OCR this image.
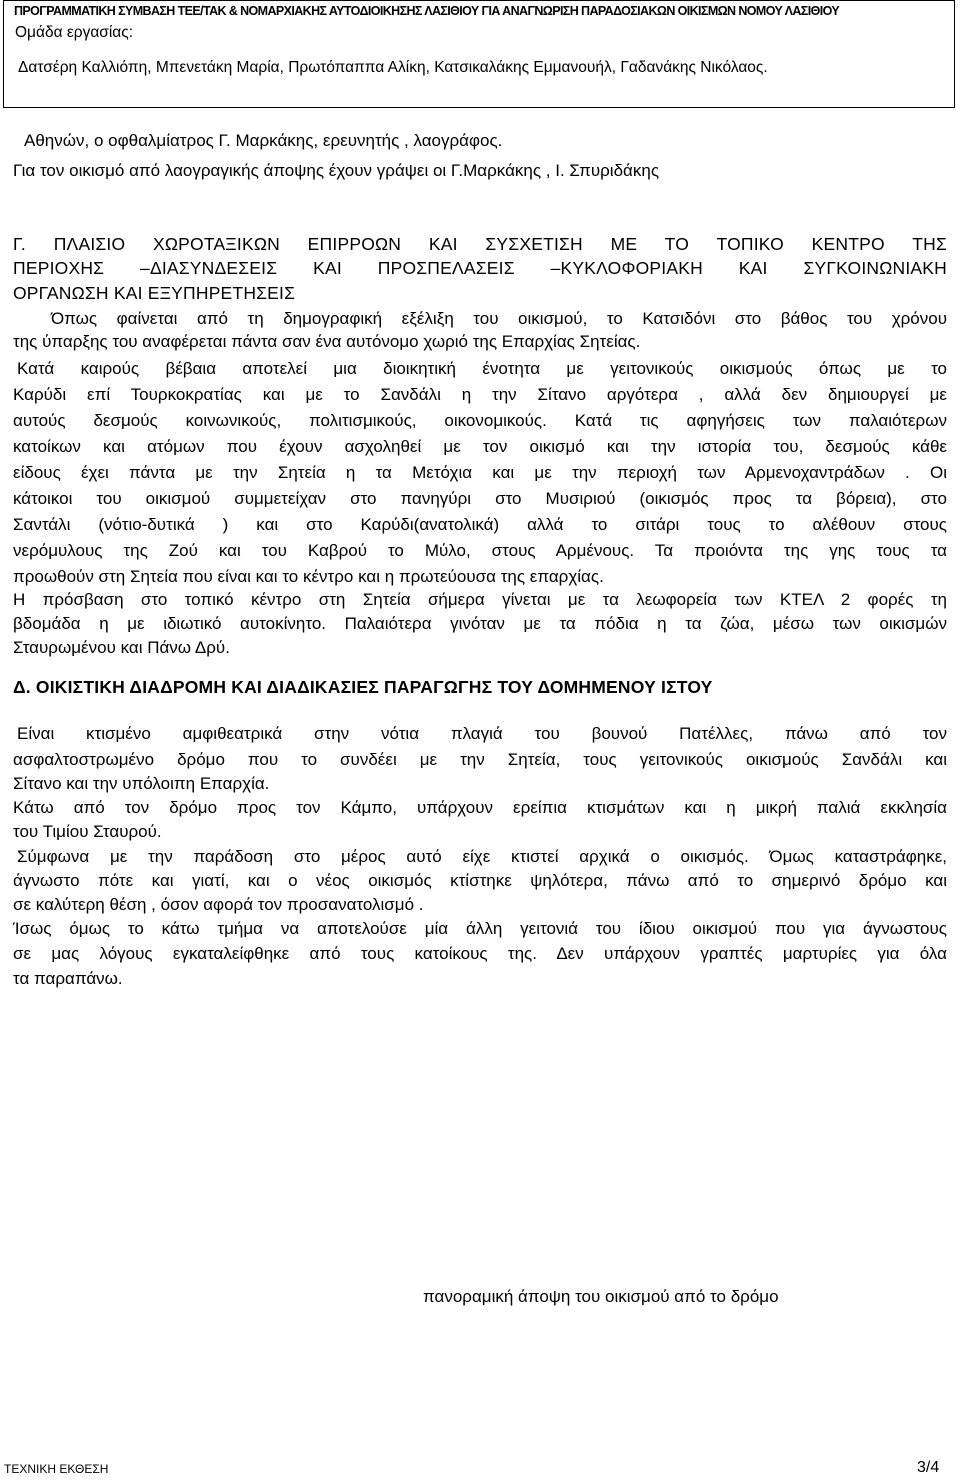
ΠΡΟΓΡΑΜΜΑΤΙΚΗ ΣΥΜΒΑΣΗ ΤΕΕ/ΤΑΚ & ΝΟΜΑΡΧΙΑΚΗΣ ΑΥΤΟΔΙΟΙΚΗΣΗΣ ΛΑΣΙΘΙΟΥ ΓΙΑ ΑΝΑΓΝΩΡΙΣΗ ΠΑΡΑΔΟΣΙΑΚΩΝ ΟΙΚΙΣΜΩΝ ΝΟΜΟΥ ΛΑΣΙΘΙΟΥ
Ομάδα εργασίας:
Δατσέρη Καλλιόπη, Μπενετάκη Μαρία, Πρωτόπαππα Αλίκη, Κατσικαλάκης Εμμανουήλ, Γαδανάκης Νικόλαος.
Αθηνών, ο οφθαλμίατρος Γ. Μαρκάκης, ερευνητής , λαογράφος.
Για τον οικισμό από λαογραγικής άποψης έχουν γράψει οι Γ.Μαρκάκης , Ι. Σπυριδάκης
Γ. ΠΛΑΙΣΙΟ ΧΩΡΟΤΑΞΙΚΩΝ ΕΠΙΡΡΟΩΝ ΚΑΙ ΣΥΣΧΕΤΙΣΗ ΜΕ ΤΟ ΤΟΠΙΚΟ ΚΕΝΤΡΟ ΤΗΣ
ΠΕΡΙΟΧΗΣ –ΔΙΑΣΥΝΔΕΣΕΙΣ ΚΑΙ ΠΡΟΣΠΕΛΑΣΕΙΣ –ΚΥΚΛΟΦΟΡΙΑΚΗ ΚΑΙ ΣΥΓΚΟΙΝΩΝΙΑΚΗ
ΟΡΓΑΝΩΣΗ ΚΑΙ ΕΞΥΠΗΡΕΤΗΣΕΙΣ
Όπως φαίνεται από τη δημογραφική εξέλιξη του οικισμού, το Κατσιδόνι στο βάθος του χρόνου
της ύπαρξης του αναφέρεται πάντα σαν ένα αυτόνομο χωριό της Επαρχίας Σητείας.
Κατά καιρούς βέβαια αποτελεί μια διοικητική ένοτητα με γειτονικούς οικισμούς όπως με το
Καρύδι επί Τουρκοκρατίας και με το Σανδάλι η την Σίτανο αργότερα , αλλά δεν δημιουργεί με
αυτούς δεσμούς κοινωνικούς, πολιτισμικούς, οικονομικούς. Κατά τις αφηγήσεις των παλαιότερων
κατοίκων και ατόμων που έχουν ασχοληθεί με τον οικισμό και την ιστορία του, δεσμούς κάθε
είδους έχει πάντα με την Σητεία η τα Μετόχια και με την περιοχή των Αρμενοχαντράδων . Οι
κάτοικοι του οικισμού συμμετείχαν στο πανηγύρι στο Μυσιριού (οικισμός προς τα βόρεια), στο
Σαντάλι (νότιο-δυτικά ) και στο Καρύδι(ανατολικά) αλλά το σιτάρι τους το αλέθουν στους
νερόμυλους της Ζού και του Καβρού το Μύλο, στους Αρμένους. Τα προιόντα της γης τους τα
προωθούν στη Σητεία που είναι και το κέντρο και η πρωτεύουσα της επαρχίας.
Η πρόσβαση στο τοπικό κέντρο στη Σητεία σήμερα γίνεται με τα λεωφορεία των ΚΤΕΛ 2 φορές τη
βδομάδα η με ιδιωτικό αυτοκίνητο. Παλαιότερα γινόταν με τα πόδια η τα ζώα, μέσω των οικισμών
Σταυρωμένου και Πάνω Δρύ.
Δ. ΟΙΚΙΣΤΙΚΗ ΔΙΑΔΡΟΜΗ ΚΑΙ ΔΙΑΔΙΚΑΣΙΕΣ ΠΑΡΑΓΩΓΗΣ ΤΟΥ ΔΟΜΗΜΕΝΟΥ ΙΣΤΟΥ
Είναι κτισμένο αμφιθεατρικά στην νότια πλαγιά του βουνού Πατέλλες, πάνω από τον
ασφαλτοστρωμένο δρόμο που το συνδέει με την Σητεία, τους γειτονικούς οικισμούς Σανδάλι και
Σίτανο και την υπόλοιπη Επαρχία.
Κάτω από τον δρόμο προς τον Κάμπο, υπάρχουν ερείπια κτισμάτων και η μικρή παλιά εκκλησία
του Τιμίου Σταυρού.
Σύμφωνα με την παράδοση στο μέρος αυτό είχε κτιστεί αρχικά ο οικισμός. Όμως καταστράφηκε,
άγνωστο πότε και γιατί, και ο νέος οικισμός κτίστηκε ψηλότερα, πάνω από το σημερινό δρόμο και
σε καλύτερη θέση , όσον αφορά τον προσανατολισμό .
Ίσως όμως το κάτω τμήμα να αποτελούσε μία άλλη γειτονιά του ίδιου οικισμού που για άγνωστους
σε μας λόγους εγκαταλείφθηκε από τους κατοίκους της. Δεν υπάρχουν γραπτές μαρτυρίες για όλα
τα παραπάνω.
πανοραμική άποψη του οικισμού από το δρόμο
ΤΕΧΝΙΚΗ ΕΚΘΕΣΗ	3/4
